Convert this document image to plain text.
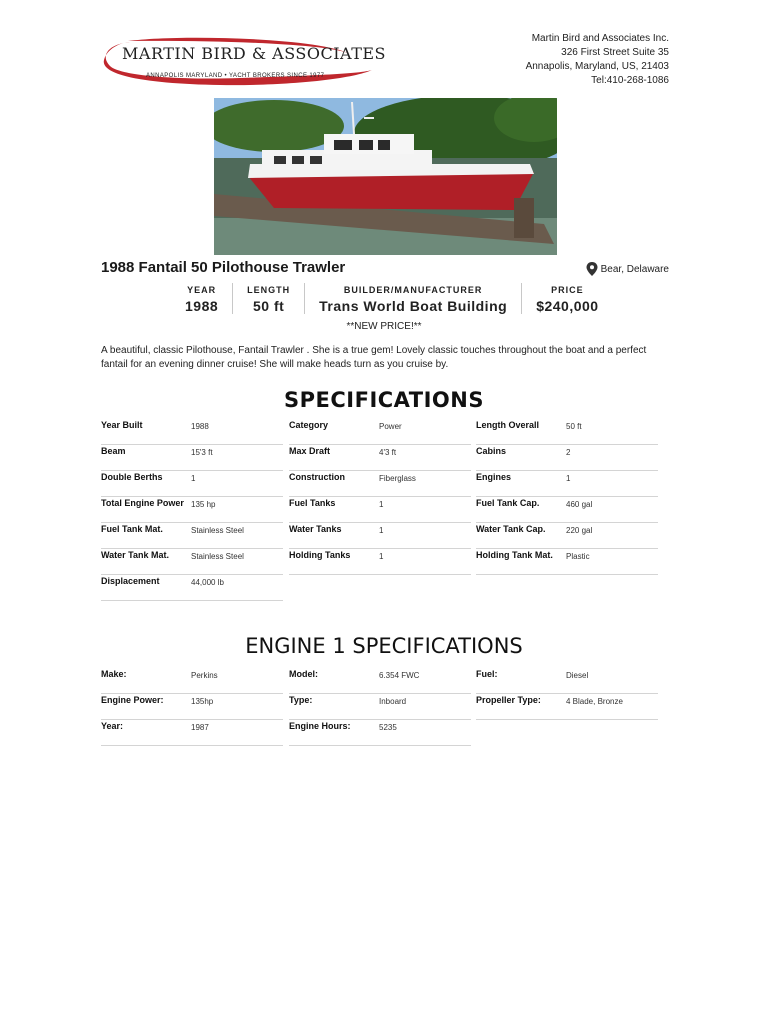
MARTIN BIRD & ASSOCIATES
ANNAPOLIS MARYLAND • YACHT BROKERS SINCE 1977
Martin Bird and Associates Inc.
326 First Street Suite 35
Annapolis, Maryland, US, 21403
Tel:410-268-1086
1988 Fantail 50 Pilothouse Trawler	Bear, Delaware
YEAR
1988
LENGTH
50 ft
BUILDER/MANUFACTURER
Trans World Boat Building
PRICE
$240,000
**NEW PRICE!**
A beautiful, classic Pilothouse, Fantail Trawler . She is a true gem! Lovely classic touches throughout the boat and a perfect fantail for an evening dinner cruise! She will make heads turn as you cruise by.
SPECIFICATIONS
Year Built	1988
Beam	15'3 ft
Double Berths	1
Total Engine Power 135 hp
Fuel Tank Mat.	Stainless Steel
Water Tank Mat.	Stainless Steel
Displacement	44,000 lb
Category	Power
Max Draft	4'3 ft
Construction	Fiberglass
Fuel Tanks	1
Water Tanks	1
Holding Tanks	1
Length Overall	50 ft
Cabins	2
Engines	1
Fuel Tank Cap.	460 gal
Water Tank Cap.	220 gal
Holding Tank Mat. Plastic
ENGINE 1 SPECIFICATIONS
Make:	Perkins
Engine Power:	135hp
Year:	1987
Model:	6.354 FWC
Type:	Inboard
Engine Hours:	5235
Fuel:	Diesel
Propeller Type:	4 Blade, Bronze
